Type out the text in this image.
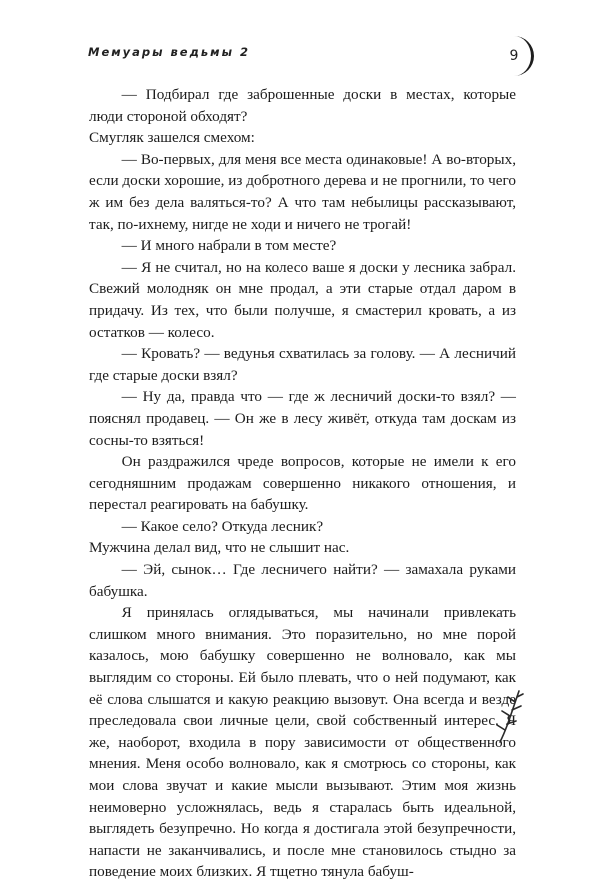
Мемуары ведьмы 2	9

— Подбирал где заброшенные доски в местах, которые люди стороной обходят?

Смугляк зашелся смехом:

— Во-первых, для меня все места одинаковые! А во-вторых, если доски хорошие, из добротного дерева и не прогнили, то чего ж им без дела валяться-то? А что там небылицы рассказывают, так, по-ихнему, нигде не ходи и ничего не трогай!

— И много набрали в том месте?

— Я не считал, но на колесо ваше я доски у лесника забрал. Свежий молодняк он мне продал, а эти старые отдал даром в придачу. Из тех, что были получше, я смастерил кровать, а из остатков — колесо.

— Кровать? — ведунья схватилась за голову. — А лесничий где старые доски взял?

— Ну да, правда что — где ж лесничий доски-то взял? — пояснял продавец. — Он же в лесу живёт, откуда там доскам из сосны-то взяться!

Он раздражился чреде вопросов, которые не имели к его сегодняшним продажам совершенно никакого отношения, и перестал реагировать на бабушку.

— Какое село? Откуда лесник?

Мужчина делал вид, что не слышит нас.

— Эй, сынок… Где лесничего найти? — замахала руками бабушка.

Я принялась оглядываться, мы начинали привлекать слишком много внимания. Это поразительно, но мне порой казалось, мою бабушку совершенно не волновало, как мы выглядим со стороны. Ей было плевать, что о ней подумают, как её слова слышатся и какую реакцию вызовут. Она всегда и везде преследовала свои личные цели, свой собственный интерес. Я же, наоборот, входила в пору зависимости от общественного мнения. Меня особо волновало, как я смотрюсь со стороны, как мои слова звучат и какие мысли вызывают. Этим моя жизнь неимоверно усложнялась, ведь я старалась быть идеальной, выглядеть безупречно. Но когда я достигала этой безупречности, напасти не заканчивались, и после мне становилось стыдно за поведение моих близких. Я тщетно тянула бабуш-
